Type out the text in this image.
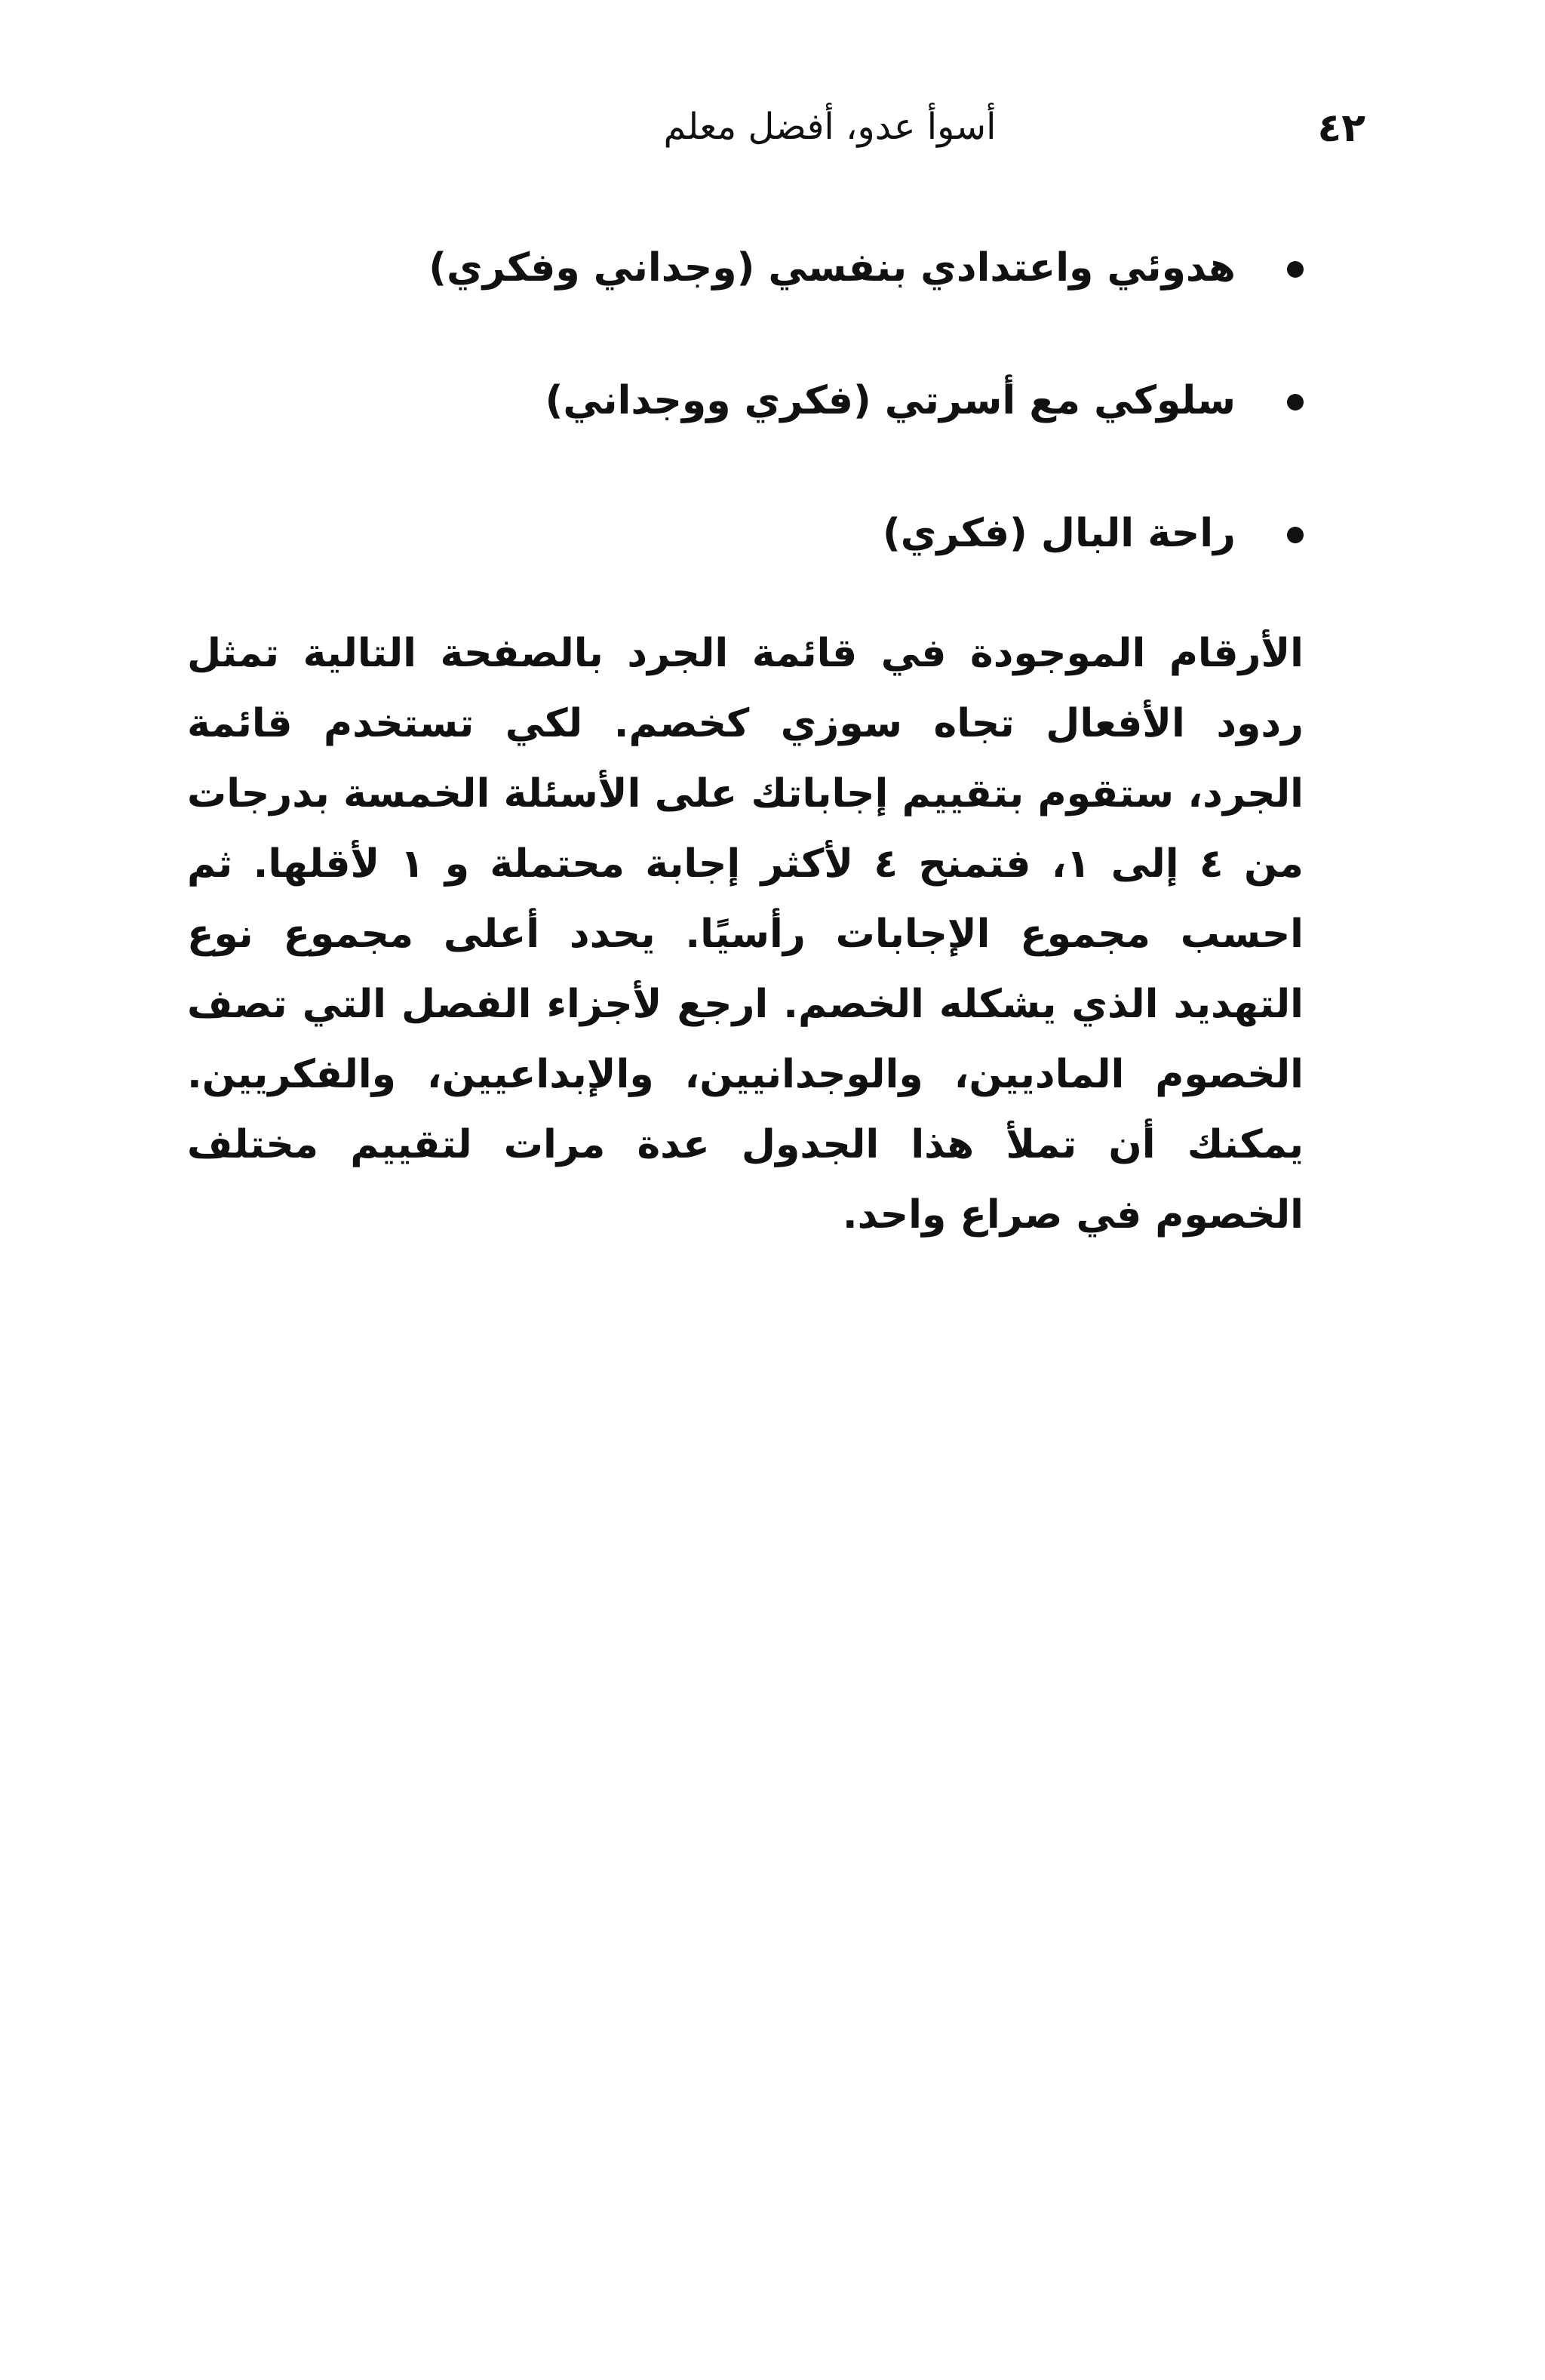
٤٢
أسوأ عدو، أفضل معلم
هدوئي واعتدادي بنفسي (وجداني وفكري)
سلوكي مع أسرتي (فكري ووجداني)
راحة البال (فكري)

الأرقام الموجودة في قائمة الجرد بالصفحة التالية تمثل ردود الأفعال تجاه سوزي كخصم. لكي تستخدم قائمة الجرد، ستقوم بتقييم إجاباتك على الأسئلة الخمسة بدرجات من ٤ إلى ١، فتمنح ٤ لأكثر إجابة محتملة و ١ لأقلها. ثم احسب مجموع الإجابات رأسيًا. يحدد أعلى مجموع نوع التهديد الذي يشكله الخصم. ارجع لأجزاء الفصل التي تصف الخصوم الماديين، والوجدانيين، والإبداعيين، والفكريين. يمكنك أن تملأ هذا الجدول عدة مرات لتقييم مختلف الخصوم في صراع واحد.
